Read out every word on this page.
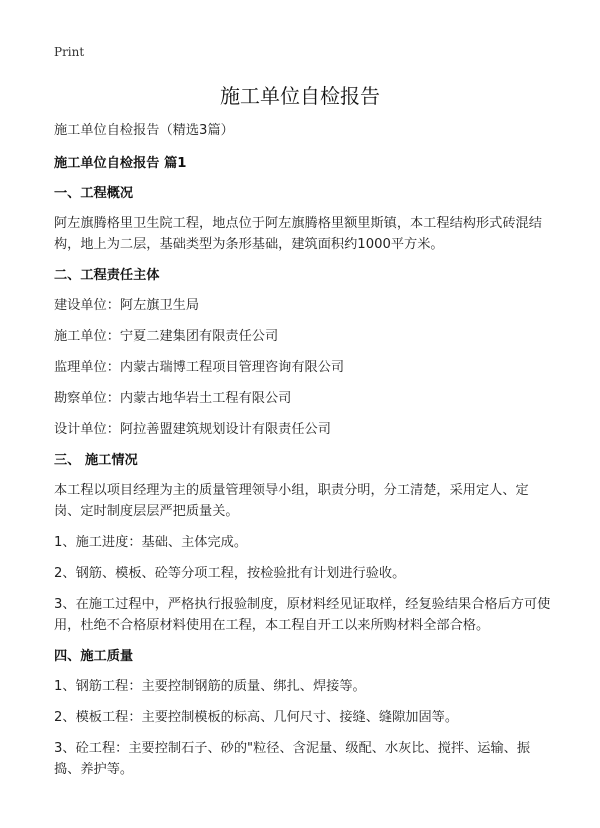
Print
施工单位自检报告

施工单位自检报告（精选3篇）

施工单位自检报告 篇1

一、工程概况

阿左旗腾格里卫生院工程，地点位于阿左旗腾格里额里斯镇，本工程结构形式砖混结构，地上为二层，基础类型为条形基础，建筑面积约1000平方米。

二、工程责任主体

建设单位：阿左旗卫生局

施工单位：宁夏二建集团有限责任公司

监理单位：内蒙古瑞博工程项目管理咨询有限公司

勘察单位：内蒙古地华岩土工程有限公司

设计单位：阿拉善盟建筑规划设计有限责任公司

三、 施工情况

本工程以项目经理为主的质量管理领导小组，职责分明，分工清楚，采用定人、定岗、定时制度层层严把质量关。

1、施工进度：基础、主体完成。

2、钢筋、模板、砼等分项工程，按检验批有计划进行验收。

3、在施工过程中，严格执行报验制度，原材料经见证取样，经复验结果合格后方可使用，杜绝不合格原材料使用在工程，本工程自开工以来所购材料全部合格。

四、施工质量

1、钢筋工程：主要控制钢筋的质量、绑扎、焊接等。

2、模板工程：主要控制模板的标高、几何尺寸、接缝、缝隙加固等。

3、砼工程：主要控制石子、砂的"粒径、含泥量、级配、水灰比、搅拌、运输、振捣、养护等。
